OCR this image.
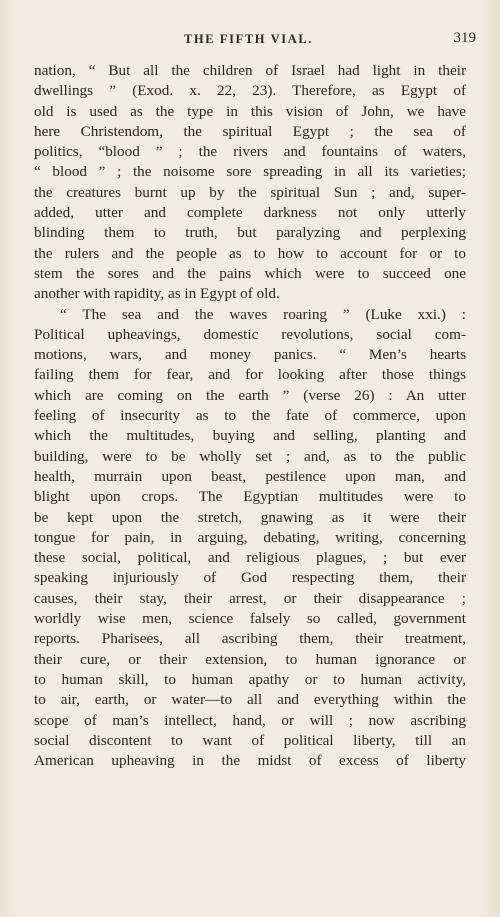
THE FIFTH VIAL.	319
nation, “ But all the children of Israel had light in their
dwellings ” (Exod. x. 22, 23). Therefore, as Egypt of
old is used as the type in this vision of John, we have
here Christendom, the spiritual Egypt ; the sea of
politics, “blood ” ; the rivers and fountains of waters,
“ blood ” ; the noisome sore spreading in all its varieties;
the creatures burnt up by the spiritual Sun ; and, super-
added, utter and complete darkness not only utterly
blinding them to truth, but paralyzing and perplexing
the rulers and the people as to how to account for or to
stem the sores and the pains which were to succeed one
another with rapidity, as in Egypt of old.
“ The sea and the waves roaring ” (Luke xxi.) :
Political upheavings, domestic revolutions, social com-
motions, wars, and money panics. “ Men’s hearts
failing them for fear, and for looking after those things
which are coming on the earth ” (verse 26) : An utter
feeling of insecurity as to the fate of commerce, upon
which the multitudes, buying and selling, planting and
building, were to be wholly set ; and, as to the public
health, murrain upon beast, pestilence upon man, and
blight upon crops. The Egyptian multitudes were to
be kept upon the stretch, gnawing as it were their
tongue for pain, in arguing, debating, writing, concerning
these social, political, and religious plagues, ; but ever
speaking injuriously of God respecting them, their
causes, their stay, their arrest, or their disappearance ;
worldly wise men, science falsely so called, government
reports. Pharisees, all ascribing them, their treatment,
their cure, or their extension, to human ignorance or
to human skill, to human apathy or to human activity,
to air, earth, or water—to all and everything within the
scope of man’s intellect, hand, or will ; now ascribing
social discontent to want of political liberty, till an
American upheaving in the midst of excess of liberty
